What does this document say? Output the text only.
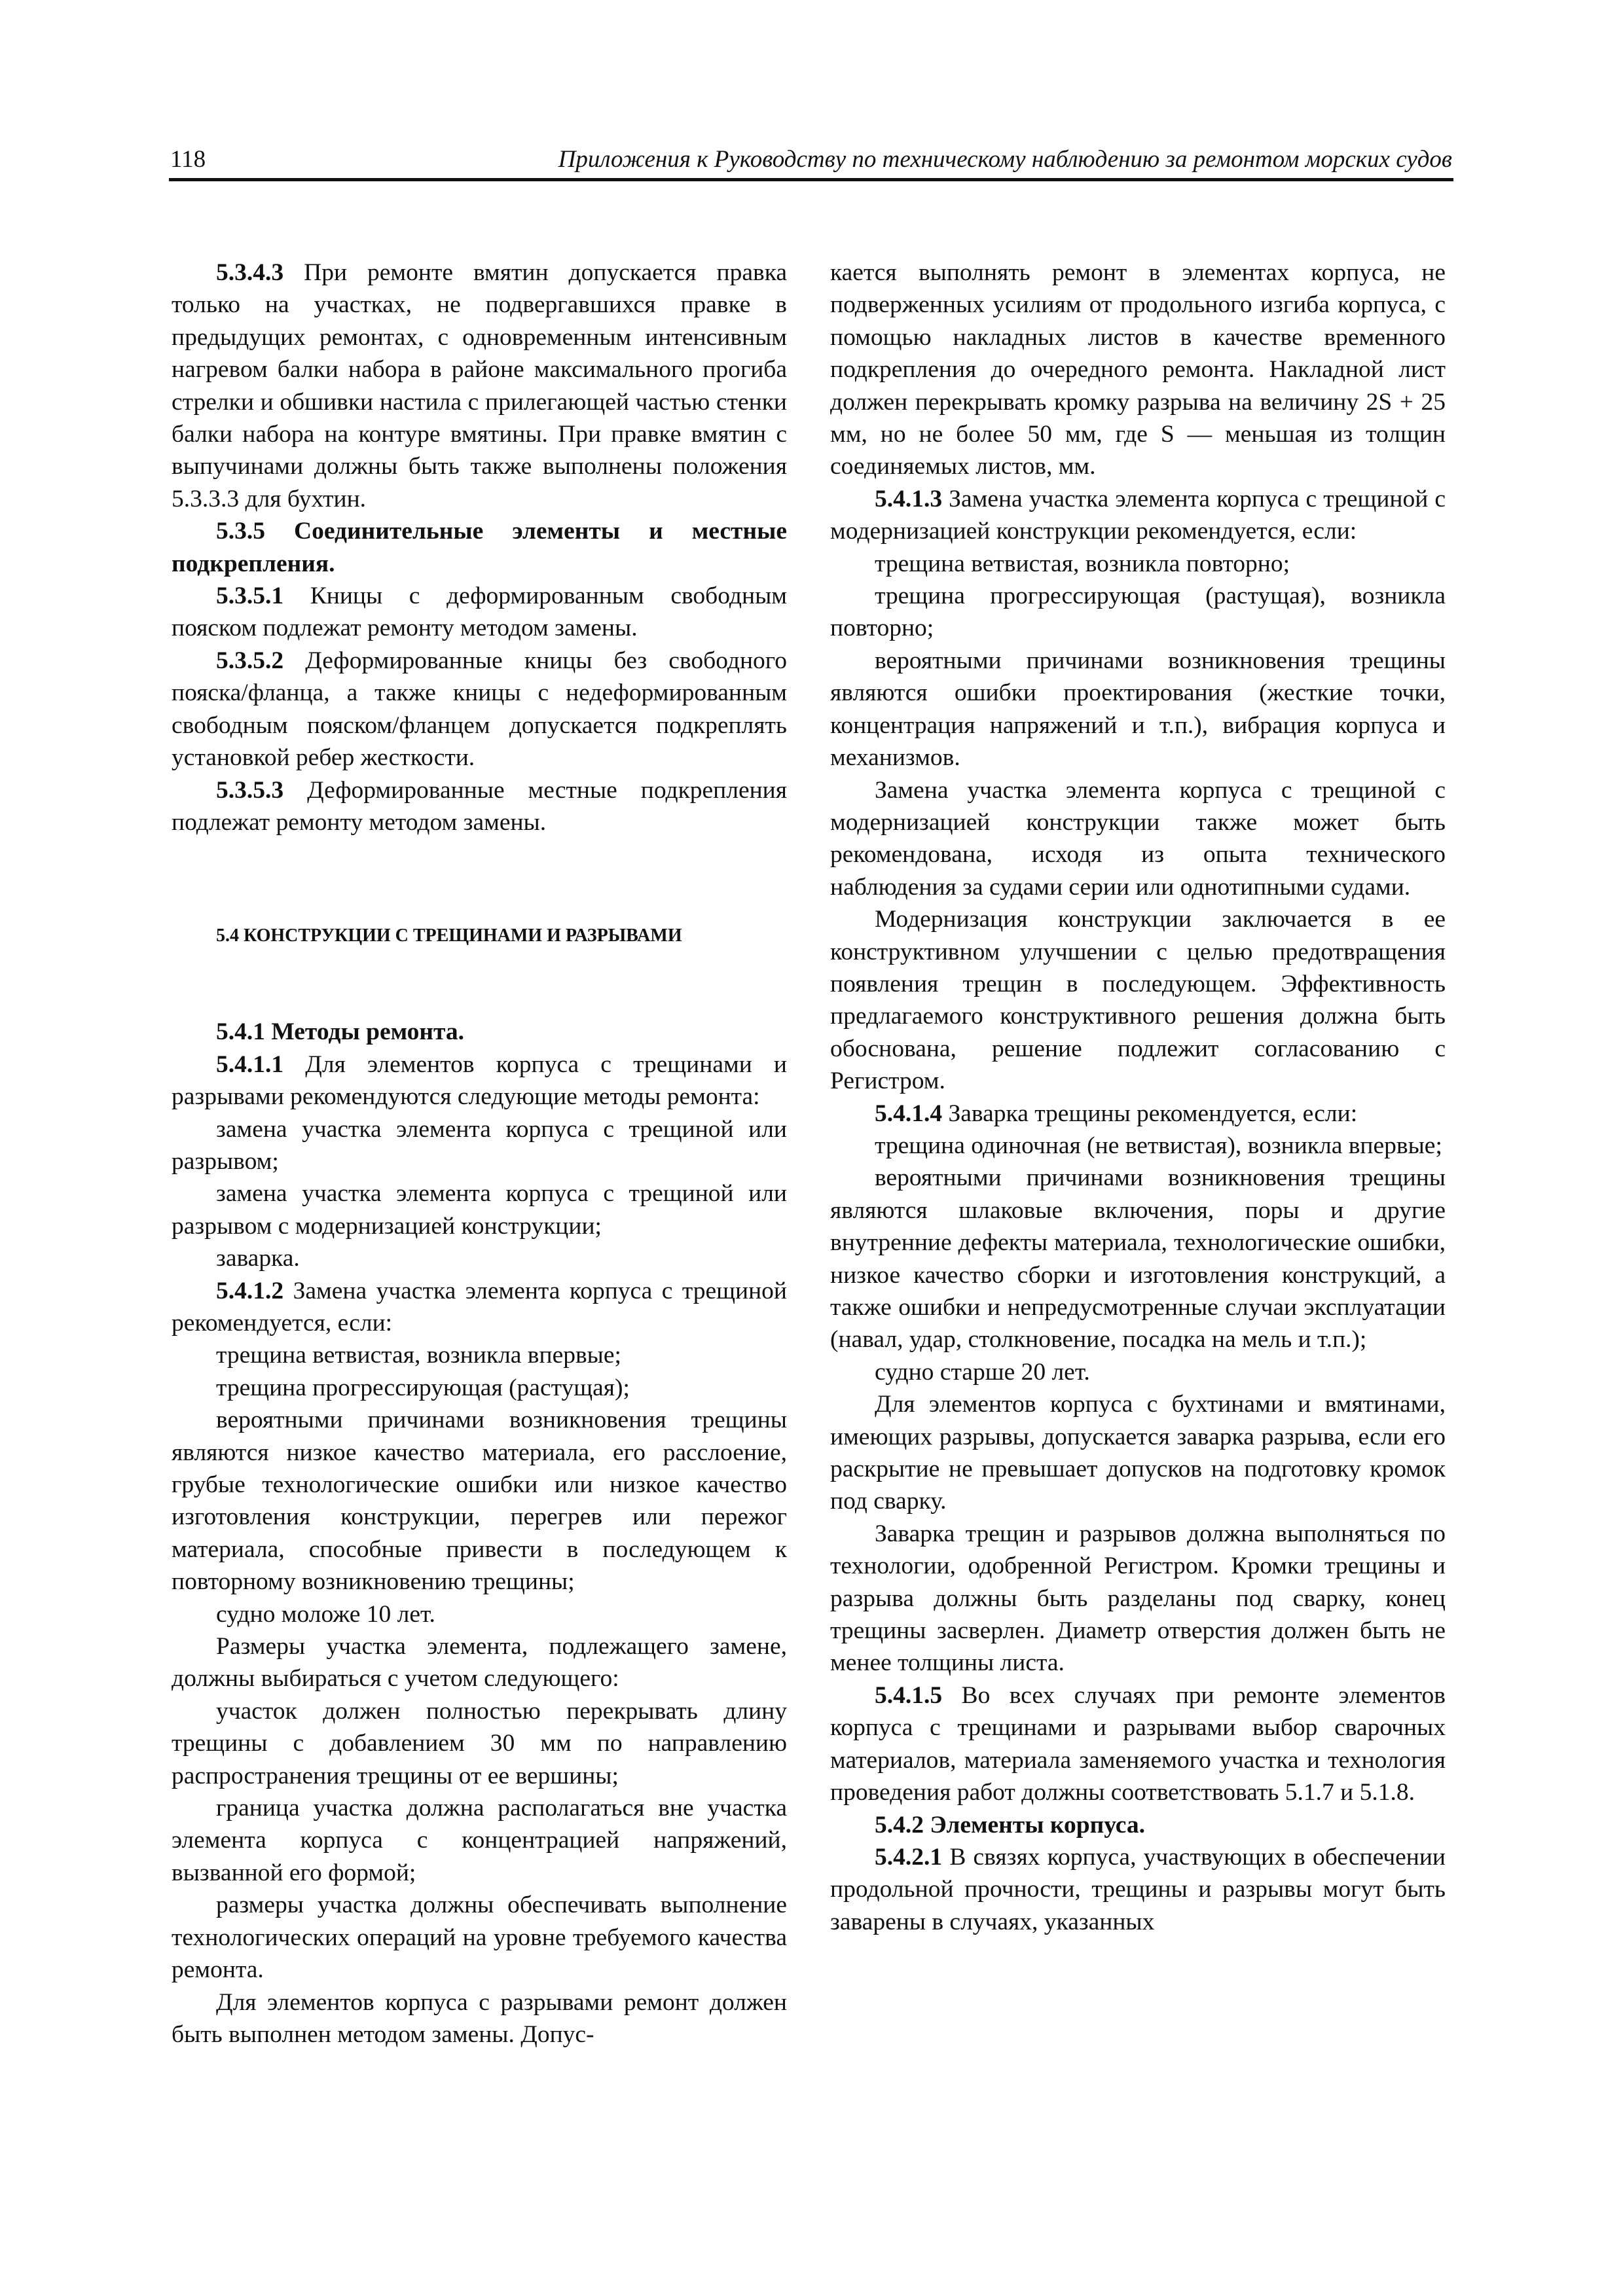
118	Приложения к Руководству по техническому наблюдению за ремонтом морских судов

5.3.4.3 При ремонте вмятин допускается правка только на участках, не подвергавшихся правке в предыдущих ремонтах, с одновременным интенсивным нагревом балки набора в районе максимального прогиба стрелки и обшивки настила с прилегающей частью стенки балки набора на контуре вмятины. При правке вмятин с выпучинами должны быть также выполнены положения 5.3.3.3 для бухтин.

5.3.5 Соединительные элементы и местные подкрепления.

5.3.5.1 Кницы с деформированным свободным пояском подлежат ремонту методом замены.

5.3.5.2 Деформированные кницы без свободного пояска/фланца, а также кницы с недеформированным свободным пояском/фланцем допускается подкреплять установкой ребер жесткости.

5.3.5.3 Деформированные местные подкрепления подлежат ремонту методом замены.

5.4 КОНСТРУКЦИИ С ТРЕЩИНАМИ И РАЗРЫВАМИ

5.4.1 Методы ремонта.

5.4.1.1 Для элементов корпуса с трещинами и разрывами рекомендуются следующие методы ремонта:

замена участка элемента корпуса с трещиной или разрывом;

замена участка элемента корпуса с трещиной или разрывом с модернизацией конструкции;

заварка.

5.4.1.2 Замена участка элемента корпуса с трещиной рекомендуется, если:

трещина ветвистая, возникла впервые;

трещина прогрессирующая (растущая);

вероятными причинами возникновения трещины являются низкое качество материала, его расслоение, грубые технологические ошибки или низкое качество изготовления конструкции, перегрев или пережог материала, способные привести в последующем к повторному возникновению трещины;

судно моложе 10 лет.

Размеры участка элемента, подлежащего замене, должны выбираться с учетом следующего:

участок должен полностью перекрывать длину трещины с добавлением 30 мм по направлению распространения трещины от ее вершины;

граница участка должна располагаться вне участка элемента корпуса с концентрацией напряжений, вызванной его формой;

размеры участка должны обеспечивать выполнение технологических операций на уровне требуемого качества ремонта.

Для элементов корпуса с разрывами ремонт должен быть выполнен методом замены. Допус-

кается выполнять ремонт в элементах корпуса, не подверженных усилиям от продольного изгиба корпуса, с помощью накладных листов в качестве временного подкрепления до очередного ремонта. Накладной лист должен перекрывать кромку разрыва на величину 2S + 25 мм, но не более 50 мм, где S — меньшая из толщин соединяемых листов, мм.

5.4.1.3 Замена участка элемента корпуса с трещиной с модернизацией конструкции рекомендуется, если:

трещина ветвистая, возникла повторно;

трещина прогрессирующая (растущая), возникла повторно;

вероятными причинами возникновения трещины являются ошибки проектирования (жесткие точки, концентрация напряжений и т.п.), вибрация корпуса и механизмов.

Замена участка элемента корпуса с трещиной с модернизацией конструкции также может быть рекомендована, исходя из опыта технического наблюдения за судами серии или однотипными судами.

Модернизация конструкции заключается в ее конструктивном улучшении с целью предотвращения появления трещин в последующем. Эффективность предлагаемого конструктивного решения должна быть обоснована, решение подлежит согласованию с Регистром.

5.4.1.4 Заварка трещины рекомендуется, если:

трещина одиночная (не ветвистая), возникла впервые;

вероятными причинами возникновения трещины являются шлаковые включения, поры и другие внутренние дефекты материала, технологические ошибки, низкое качество сборки и изготовления конструкций, а также ошибки и непредусмотренные случаи эксплуатации (навал, удар, столкновение, посадка на мель и т.п.);

судно старше 20 лет.

Для элементов корпуса с бухтинами и вмятинами, имеющих разрывы, допускается заварка разрыва, если его раскрытие не превышает допусков на подготовку кромок под сварку.

Заварка трещин и разрывов должна выполняться по технологии, одобренной Регистром. Кромки трещины и разрыва должны быть разделаны под сварку, конец трещины засверлен. Диаметр отверстия должен быть не менее толщины листа.

5.4.1.5 Во всех случаях при ремонте элементов корпуса с трещинами и разрывами выбор сварочных материалов, материала заменяемого участка и технология проведения работ должны соответствовать 5.1.7 и 5.1.8.

5.4.2 Элементы корпуса.

5.4.2.1 В связях корпуса, участвующих в обеспечении продольной прочности, трещины и разрывы могут быть заварены в случаях, указанных
